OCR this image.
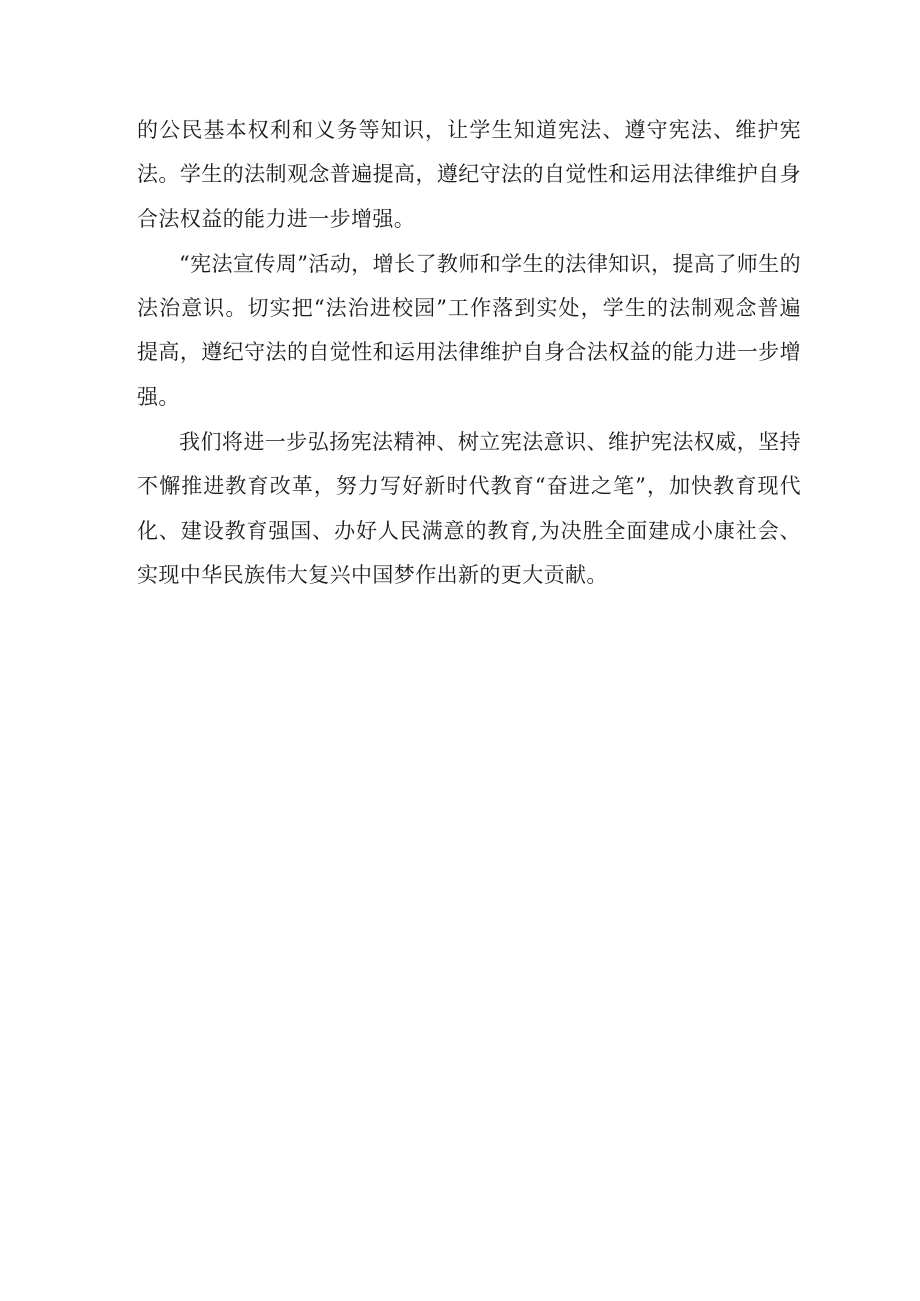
的公民基本权利和义务等知识，让学生知道宪法、遵守宪法、维护宪法。学生的法制观念普遍提高，遵纪守法的自觉性和运用法律维护自身合法权益的能力进一步增强。

“宪法宣传周”活动，增长了教师和学生的法律知识，提高了师生的法治意识。切实把“法治进校园”工作落到实处，学生的法制观念普遍提高，遵纪守法的自觉性和运用法律维护自身合法权益的能力进一步增强。

我们将进一步弘扬宪法精神、树立宪法意识、维护宪法权威，坚持不懈推进教育改革，努力写好新时代教育“奋进之笔”，加快教育现代化、建设教育强国、办好人民满意的教育,为决胜全面建成小康社会、实现中华民族伟大复兴中国梦作出新的更大贡献。
